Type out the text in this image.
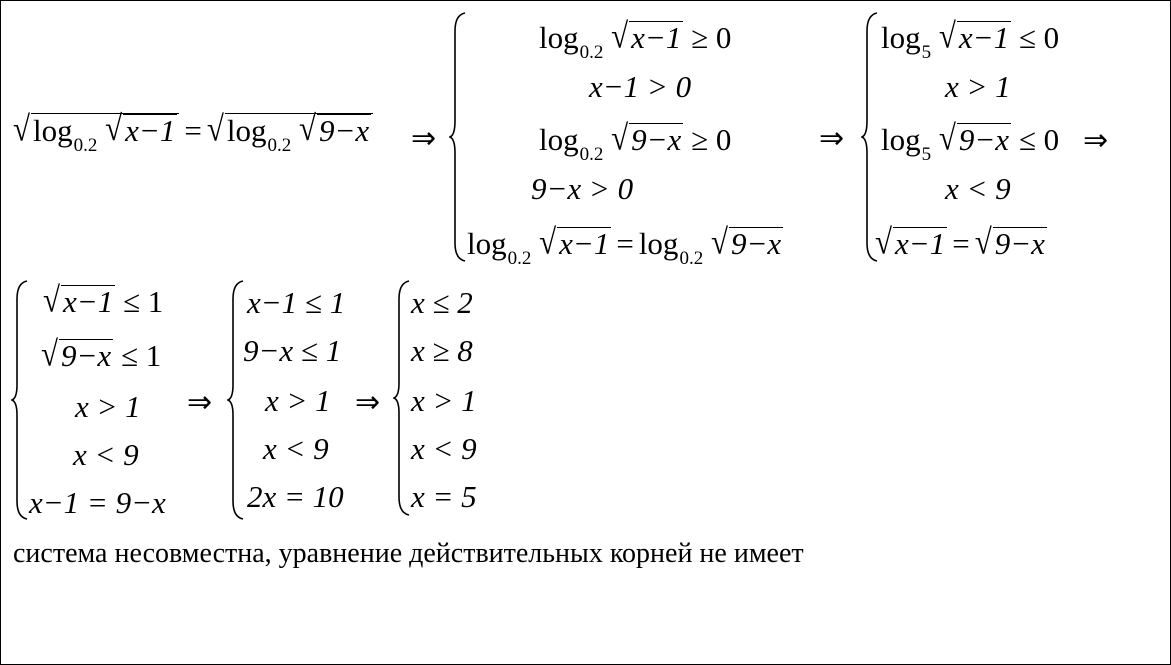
$√\log_{0.2}$ $√x-1 = √\log_{0.2}$ √9−x ⇒
$\log_{0.2} √x-1 \ge 0$
x−1 > 0
$\log_{0.2} √9-x \ge 0$
9−x > 0
$\log_{0.2} √x-1 = \log_{0.2} √9-x$
⇒
$\log_5 √x-1 \le 0$
x > 1
$\log_5 √9-x \le 0$ ⇒
x < 9
√x−1 = √9−x
√x−1 ≤ 1
√9−x ≤ 1
x > 1
x < 9
x−1 = 9−x
⇒
x−1 ≤ 1
9−x ≤ 1
x > 1
x < 9
2x = 10
⇒
x ≤ 2
x ≥ 8
x > 1
x < 9
x = 5
система несовместна, уравнение действительных корней не имеет
